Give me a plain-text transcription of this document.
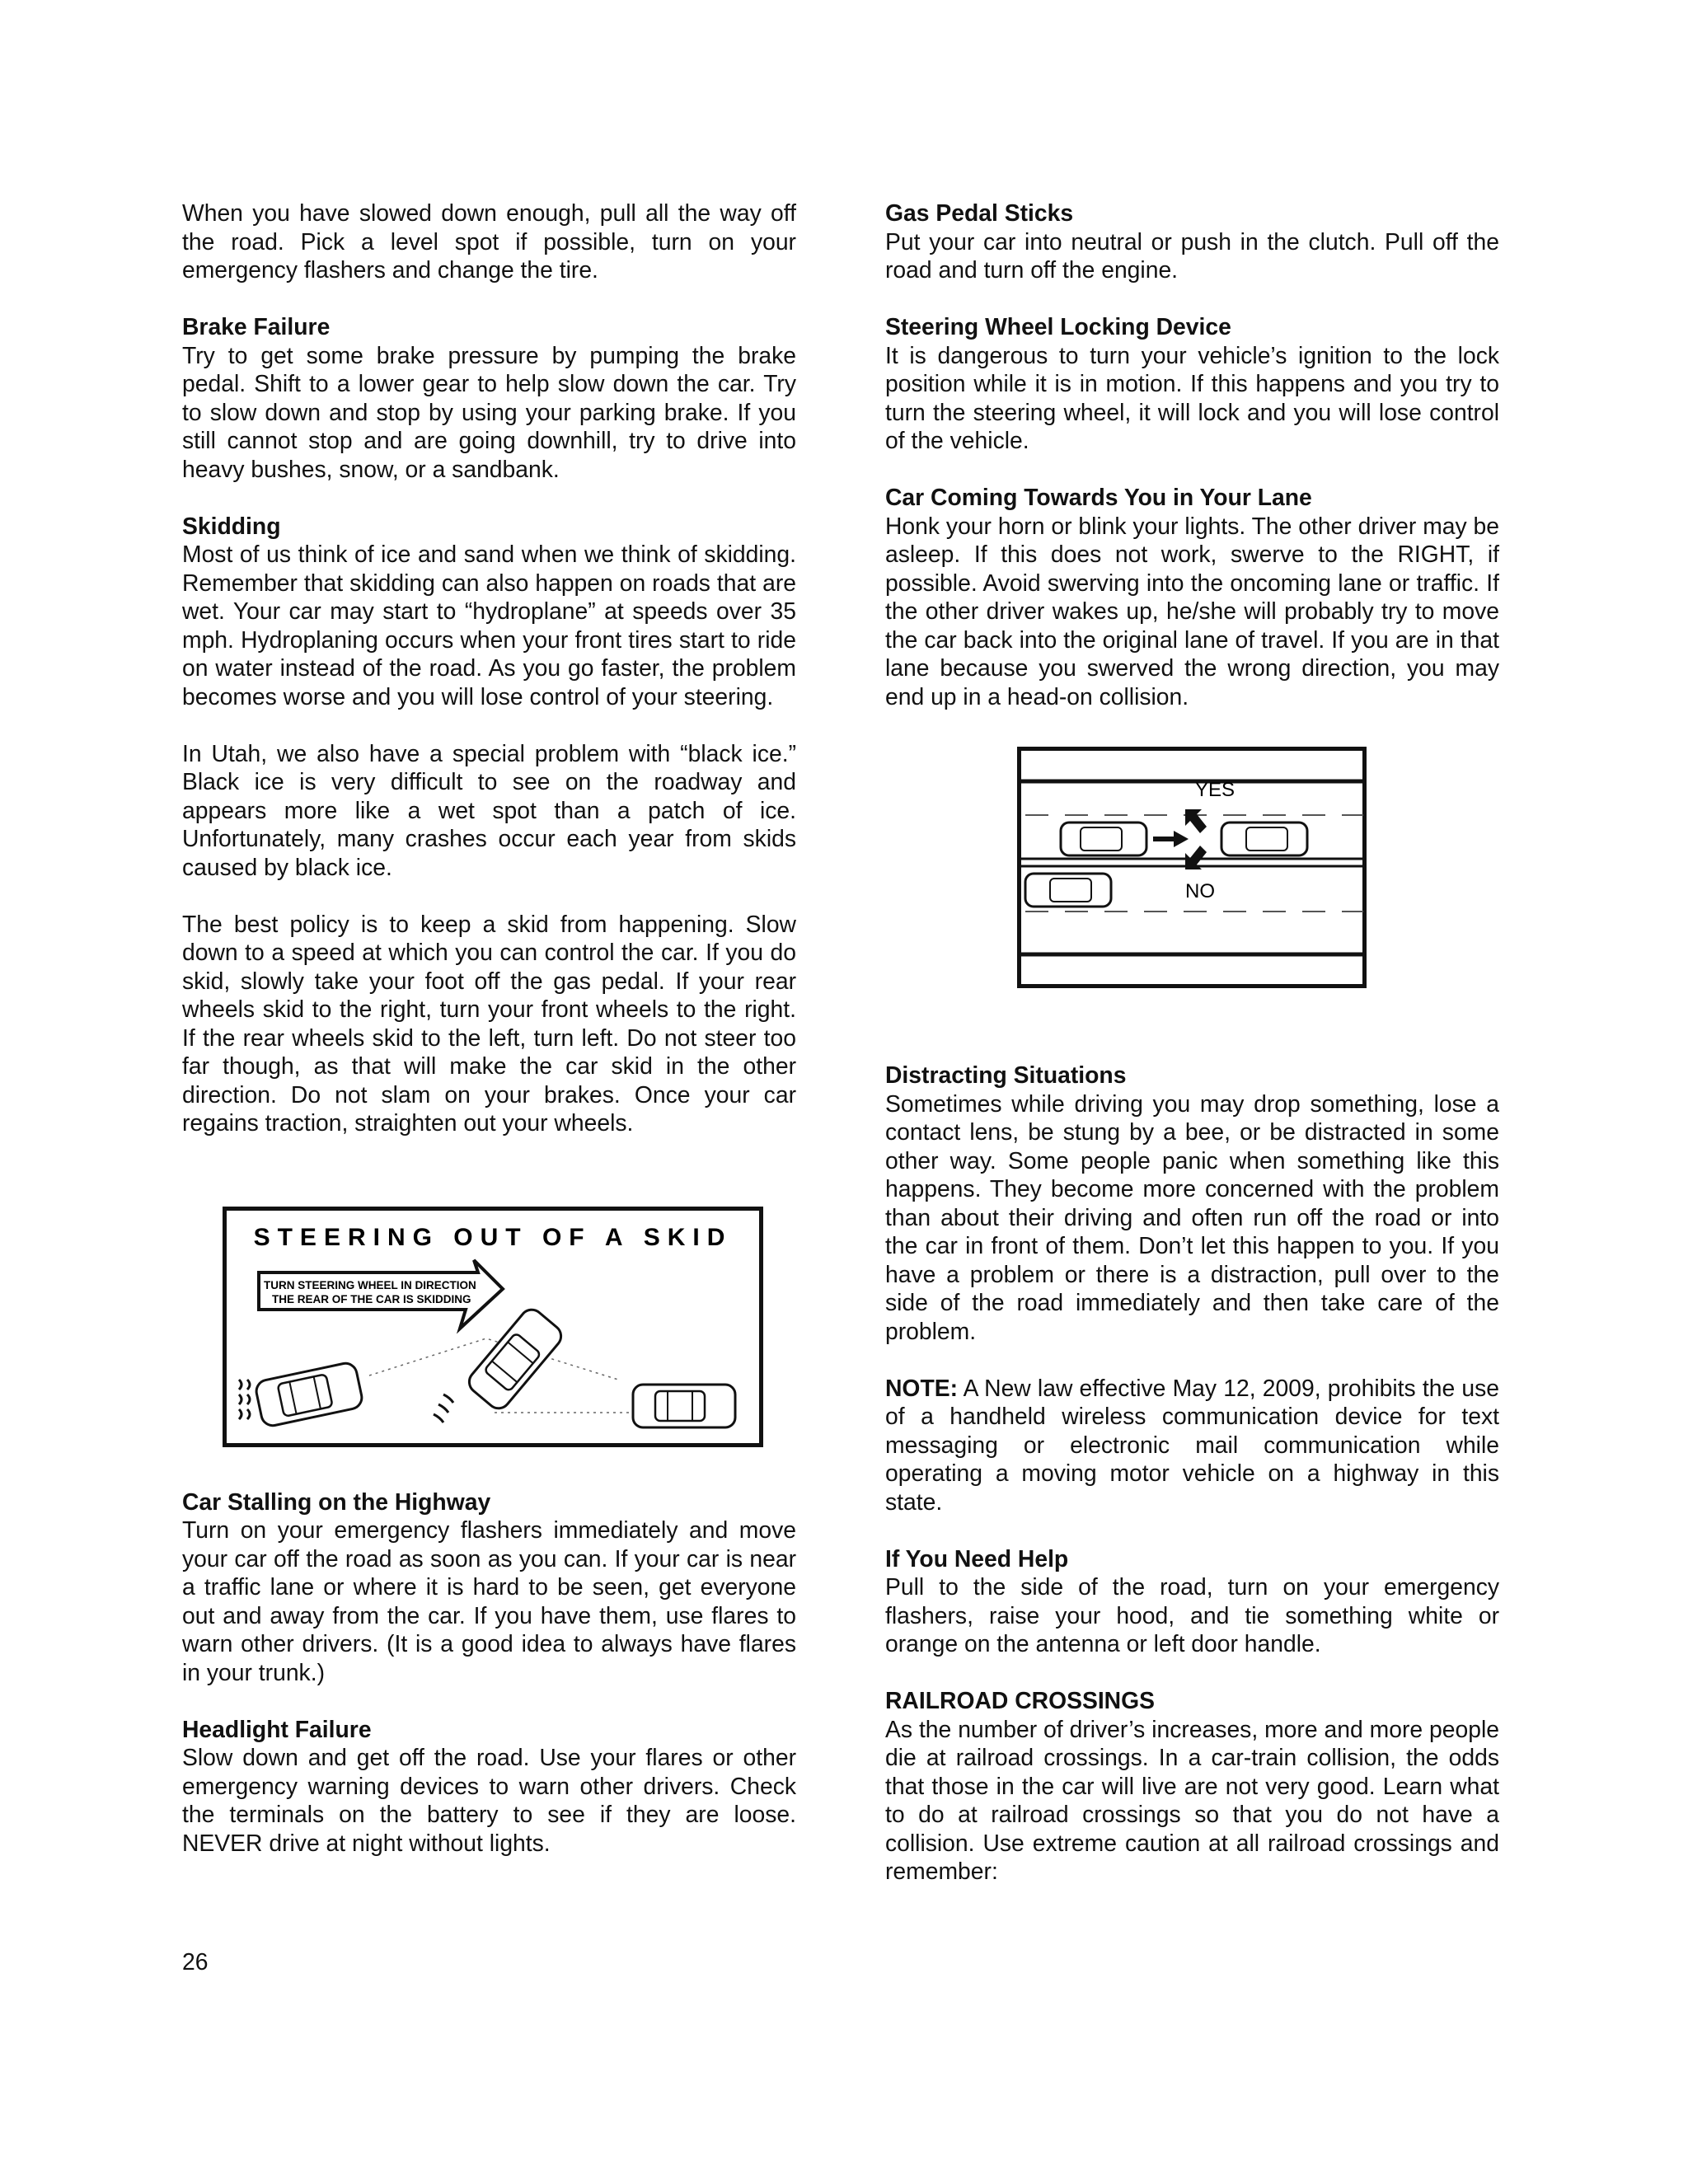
When you have slowed down enough, pull all the way off the road. Pick a level spot if possible, turn on your emergency flashers and change the tire.

Brake Failure

Try to get some brake pressure by pumping the brake pedal. Shift to a lower gear to help slow down the car. Try to slow down and stop by using your parking brake. If you still cannot stop and are going downhill, try to drive into heavy bushes, snow, or a sandbank.

Skidding

Most of us think of ice and sand when we think of skidding. Remember that skidding can also happen on roads that are wet. Your car may start to “hydroplane” at speeds over 35 mph. Hydroplaning occurs when your front tires start to ride on water instead of the road. As you go faster, the problem becomes worse and you will lose control of your steering.

In Utah, we also have a special problem with “black ice.” Black ice is very difficult to see on the roadway and appears more like a wet spot than a patch of ice. Unfortunately, many crashes occur each year from skids caused by black ice.

The best policy is to keep a skid from happening. Slow down to a speed at which you can control the car. If you do skid, slowly take your foot off the gas pedal. If your rear wheels skid to the right, turn your front wheels to the right. If the rear wheels skid to the left, turn left. Do not steer too far though, as that will make the car skid in the other direction. Do not slam on your brakes. Once your car regains traction, straighten out your wheels.

STEERING OUT OF A SKID
TURN STEERING WHEEL IN DIRECTION
THE REAR OF THE CAR IS SKIDDING
Car Stalling on the Highway

Turn on your emergency flashers immediately and move your car off the road as soon as you can. If your car is near a traffic lane or where it is hard to be seen, get everyone out and away from the car. If you have them, use flares to warn other drivers. (It is a good idea to always have flares in your trunk.)

Headlight Failure

Slow down and get off the road. Use your flares or other emergency warning devices to warn other drivers. Check the terminals on the battery to see if they are loose. NEVER drive at night without lights.

Gas Pedal Sticks

Put your car into neutral or push in the clutch. Pull off the road and turn off the engine.

Steering Wheel Locking Device

It is dangerous to turn your vehicle’s ignition to the lock position while it is in motion. If this happens and you try to turn the steering wheel, it will lock and you will lose control of the vehicle.

Car Coming Towards You in Your Lane

Honk your horn or blink your lights. The other driver may be asleep. If this does not work, swerve to the RIGHT, if possible. Avoid swerving into the oncoming lane or traffic. If the other driver wakes up, he/she will probably try to move the car back into the original lane of travel. If you are in that lane because you swerved the wrong direction, you may end up in a head-on collision.

YES
NO
Distracting Situations

Sometimes while driving you may drop something, lose a contact lens, be stung by a bee, or be distracted in some other way. Some people panic when something like this happens. They become more concerned with the problem than about their driving and often run off the road or into the car in front of them. Don’t let this happen to you. If you have a problem or there is a distraction, pull over to the side of the road immediately and then take care of the problem.

NOTE: A New law effective May 12, 2009, prohibits the use of a handheld wireless communication device for text messaging or electronic mail communication while operating a moving motor vehicle on a highway in this state.

If You Need Help

Pull to the side of the road, turn on your emergency flashers, raise your hood, and tie something white or orange on the antenna or left door handle.

RAILROAD CROSSINGS

As the number of driver’s increases, more and more people die at railroad crossings. In a car-train collision, the odds that those in the car will live are not very good. Learn what to do at railroad crossings so that you do not have a collision. Use extreme caution at all railroad crossings and remember:

26
